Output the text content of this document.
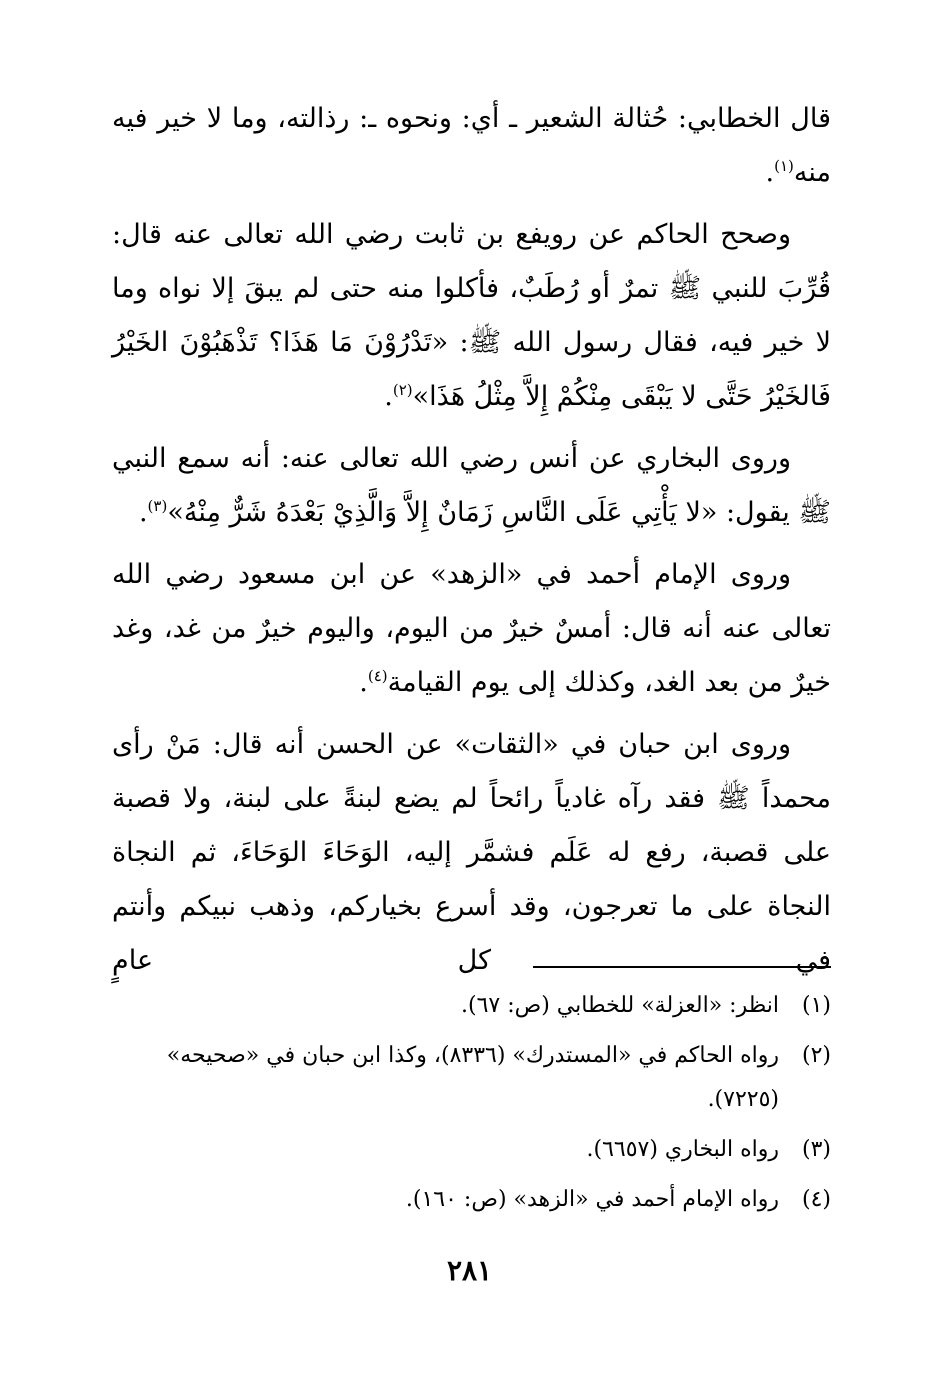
قال الخطابي: حُثالة الشعير ـ أي: ونحوه ـ: رذالته، وما لا خير فيه منه$^{(١)}$.

وصحح الحاكم عن رويفع بن ثابت رضي الله تعالى عنه قال: قُرِّبَ للنبي ﷺ تمرٌ أو رُطَبٌ، فأكلوا منه حتى لم يبقَ إلا نواه وما لا خير فيه، فقال رسول الله ﷺ: «تَدْرُوْنَ مَا هَذَا؟ تَذْهَبُوْنَ الخَيْرُ فَالخَيْرُ حَتَّى لا يَبْقَى مِنْكُمْ إِلاَّ مِثْلُ هَذَا»$^{(٢)}$.

وروى البخاري عن أنس رضي الله تعالى عنه: أنه سمع النبي ﷺ يقول: «لا يَأْتِي عَلَى النَّاسِ زَمَانٌ إِلاَّ وَالَّذِيْ بَعْدَهُ شَرٌّ مِنْهُ»$^{(٣)}$.

وروى الإمام أحمد في «الزهد» عن ابن مسعود رضي الله تعالى عنه أنه قال: أمسٌ خيرٌ من اليوم، واليوم خيرٌ من غد، وغد خيرٌ من بعد الغد، وكذلك إلى يوم القيامة$^{(٤)}$.

وروى ابن حبان في «الثقات» عن الحسن أنه قال: مَنْ رأى محمداً ﷺ فقد رآه غادياً رائحاً لم يضع لبنةً على لبنة، ولا قصبة على قصبة، رفع له عَلَم فشمَّر إليه، الوَحَاءَ الوَحَاءَ، ثم النجاة النجاة على ما تعرجون، وقد أسرع بخياركم، وذهب نبيكم وأنتم في كل عامٍ

(١)
انظر: «العزلة» للخطابي (ص: ٦٧).
(٢)
رواه الحاكم في «المستدرك» (٨٣٣٦)، وكذا ابن حبان في «صحيحه» (٧٢٢٥).
(٣)
رواه البخاري (٦٦٥٧).
(٤)
رواه الإمام أحمد في «الزهد» (ص: ١٦٠).
٢٨١
